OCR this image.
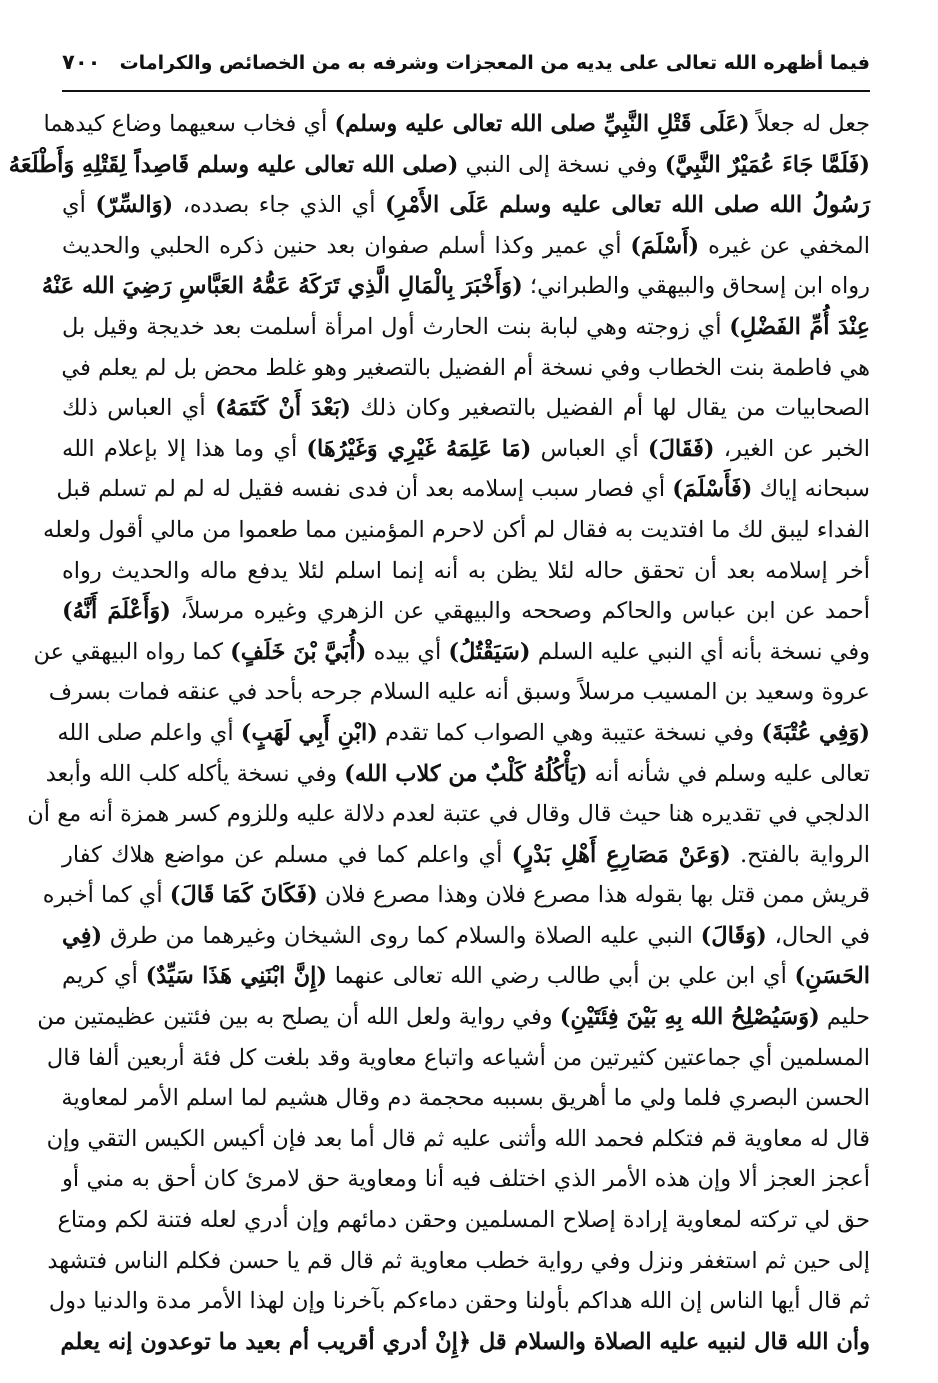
فيما أظهره الله تعالى على يديه من المعجزات وشرفه به من الخصائص والكرامات
٧٠٠
جعل له جعلاً (عَلَى قَتْلِ النَّبِيِّ صلى الله تعالى عليه وسلم) أي فخاب سعيهما وضاع كيدهما
(فَلَمَّا جَاءَ عُمَيْرٌ النَّبِيَّ) وفي نسخة إلى النبي (صلى الله تعالى عليه وسلم قَاصِداً لِقَتْلِهِ وَأَطْلَعَهُ
رَسُولُ الله صلى الله تعالى عليه وسلم عَلَى الأَمْرِ) أي الذي جاء بصدده، (وَالسِّرّ) أي
المخفي عن غيره (أَسْلَمَ) أي عمير وكذا أسلم صفوان بعد حنين ذكره الحلبي والحديث
رواه ابن إسحاق والبيهقي والطبراني؛ (وَأَخْبَرَ بِالْمَالِ الَّذِي تَرَكَهُ عَمُّهُ العَبَّاسِ رَضِيَ الله عَنْهُ
عِنْدَ أُمِّ الفَضْلِ) أي زوجته وهي لبابة بنت الحارث أول امرأة أسلمت بعد خديجة وقيل بل
هي فاطمة بنت الخطاب وفي نسخة أم الفضيل بالتصغير وهو غلط محض بل لم يعلم في
الصحابيات من يقال لها أم الفضيل بالتصغير وكان ذلك (بَعْدَ أَنْ كَتَمَهُ) أي العباس ذلك
الخبر عن الغير، (فَقَالَ) أي العباس (مَا عَلِمَهُ غَيْرِي وَغَيْرُهَا) أي وما هذا إلا بإعلام الله
سبحانه إياك (فَأَسْلَمَ) أي فصار سبب إسلامه بعد أن فدى نفسه فقيل له لم لم تسلم قبل
الفداء ليبق لك ما افتديت به فقال لم أكن لاحرم المؤمنين مما طعموا من مالي أقول ولعله
أخر إسلامه بعد أن تحقق حاله لئلا يظن به أنه إنما اسلم لئلا يدفع ماله والحديث رواه
أحمد عن ابن عباس والحاكم وصححه والبيهقي عن الزهري وغيره مرسلاً، (وَأَعْلَمَ أَنَّهُ)
وفي نسخة بأنه أي النبي عليه السلم (سَيَقْتُلُ) أي بيده (أُبَيَّ بْنَ خَلَفٍ) كما رواه البيهقي عن
عروة وسعيد بن المسيب مرسلاً وسبق أنه عليه السلام جرحه بأحد في عنقه فمات بسرف
(وَفِي عُتْبَةَ) وفي نسخة عتيبة وهي الصواب كما تقدم (ابْنِ أَبِي لَهَبٍ) أي واعلم صلى الله
تعالى عليه وسلم في شأنه أنه (يَأْكُلُهُ كَلْبٌ من كلاب الله) وفي نسخة يأكله كلب الله وأبعد
الدلجي في تقديره هنا حيث قال وقال في عتبة لعدم دلالة عليه وللزوم كسر همزة أنه مع أن
الرواية بالفتح. (وَعَنْ مَصَارِعِ أَهْلِ بَدْرٍ) أي واعلم كما في مسلم عن مواضع هلاك كفار
قريش ممن قتل بها بقوله هذا مصرع فلان وهذا مصرع فلان (فَكَانَ كَمَا قَالَ) أي كما أخبره
في الحال، (وَقَالَ) النبي عليه الصلاة والسلام كما روى الشيخان وغيرهما من طرق (فِي
الحَسَنِ) أي ابن علي بن أبي طالب رضي الله تعالى عنهما (إِنَّ ابْنَنِي هَذَا سَيِّدٌ) أي كريم
حليم (وَسَيُصْلِحُ الله بِهِ بَيْنَ فِئَتَيْنِ) وفي رواية ولعل الله أن يصلح به بين فئتين عظيمتين من
المسلمين أي جماعتين كثيرتين من أشياعه واتباع معاوية وقد بلغت كل فئة أربعين ألفا قال
الحسن البصري فلما ولي ما أهريق بسببه محجمة دم وقال هشيم لما اسلم الأمر لمعاوية
قال له معاوية قم فتكلم فحمد الله وأثنى عليه ثم قال أما بعد فإن أكيس الكيس التقي وإن
أعجز العجز ألا وإن هذه الأمر الذي اختلف فيه أنا ومعاوية حق لامرئ كان أحق به مني أو
حق لي تركته لمعاوية إرادة إصلاح المسلمين وحقن دمائهم وإن أدري لعله فتنة لكم ومتاع
إلى حين ثم استغفر ونزل وفي رواية خطب معاوية ثم قال قم يا حسن فكلم الناس فتشهد
ثم قال أيها الناس إن الله هداكم بأولنا وحقن دماءكم بآخرنا وإن لهذا الأمر مدة والدنيا دول
وأن الله قال لنبيه عليه الصلاة والسلام قل ﴿إِنْ أدري أقريب أم بعيد ما توعدون إنه يعلم
